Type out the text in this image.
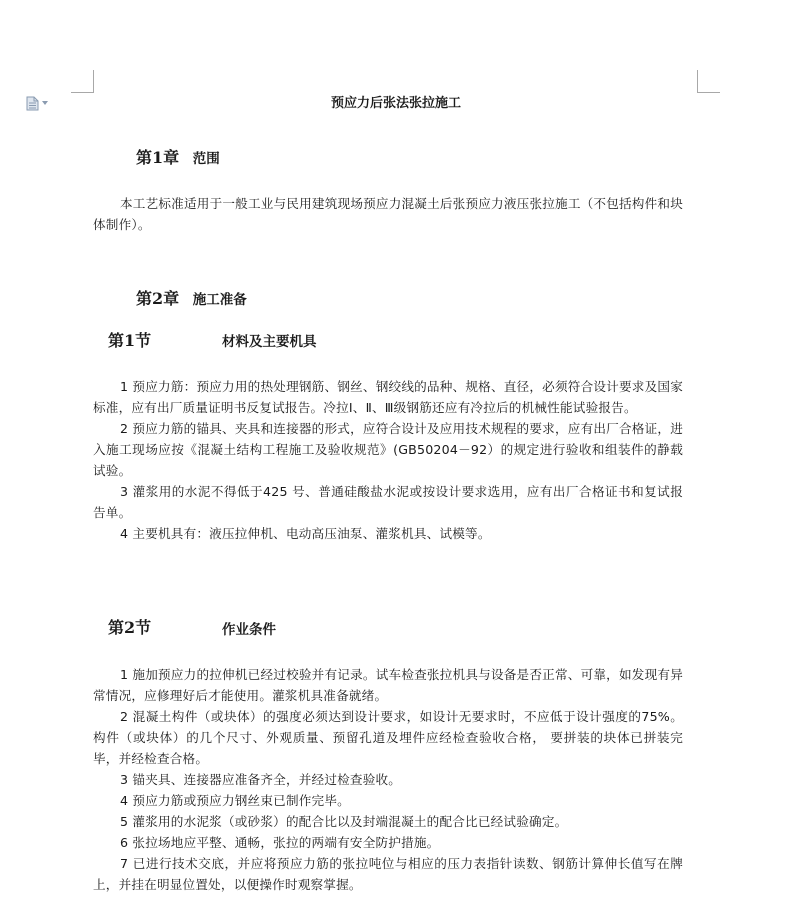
预应力后张法张拉施工
第1章 范围

本工艺标准适用于一般工业与民用建筑现场预应力混凝土后张预应力液压张拉施工（不包括构件和块体制作）。

第2章 施工准备
第1节	材料及主要机具

1 预应力筋：预应力用的热处理钢筋、钢丝、钢绞线的品种、规格、直径，必须符合设计要求及国家标准，应有出厂质量证明书反复试报告。冷拉Ⅰ、Ⅱ、Ⅲ级钢筋还应有冷拉后的机械性能试验报告。

2 预应力筋的锚具、夹具和连接器的形式，应符合设计及应用技术规程的要求，应有出厂合格证，进入施工现场应按《混凝土结构工程施工及验收规范》(GB50204－92）的规定进行验收和组装件的静载试验。

3 灌浆用的水泥不得低于425 号、普通硅酸盐水泥或按设计要求选用，应有出厂合格证书和复试报告单。

4 主要机具有：液压拉伸机、电动高压油泵、灌浆机具、试模等。

第2节	作业条件

1 施加预应力的拉伸机已经过校验并有记录。试车检查张拉机具与设备是否正常、可靠，如发现有异常情况，应修理好后才能使用。灌浆机具准备就绪。

2 混凝土构件（或块体）的强度必须达到设计要求，如设计无要求时，不应低于设计强度的75%。构件（或块体）的几个尺寸、外观质量、预留孔道及埋件应经检查验收合格， 要拼装的块体已拼装完毕，并经检查合格。

3 锚夹具、连接器应准备齐全，并经过检查验收。

4 预应力筋或预应力钢丝束已制作完毕。

5 灌浆用的水泥浆（或砂浆）的配合比以及封端混凝土的配合比已经试验确定。

6 张拉场地应平整、通畅，张拉的两端有安全防护措施。

7 已进行技术交底，并应将预应力筋的张拉吨位与相应的压力表指针读数、钢筋计算伸长值写在牌上，并挂在明显位置处，以便操作时观察掌握。
